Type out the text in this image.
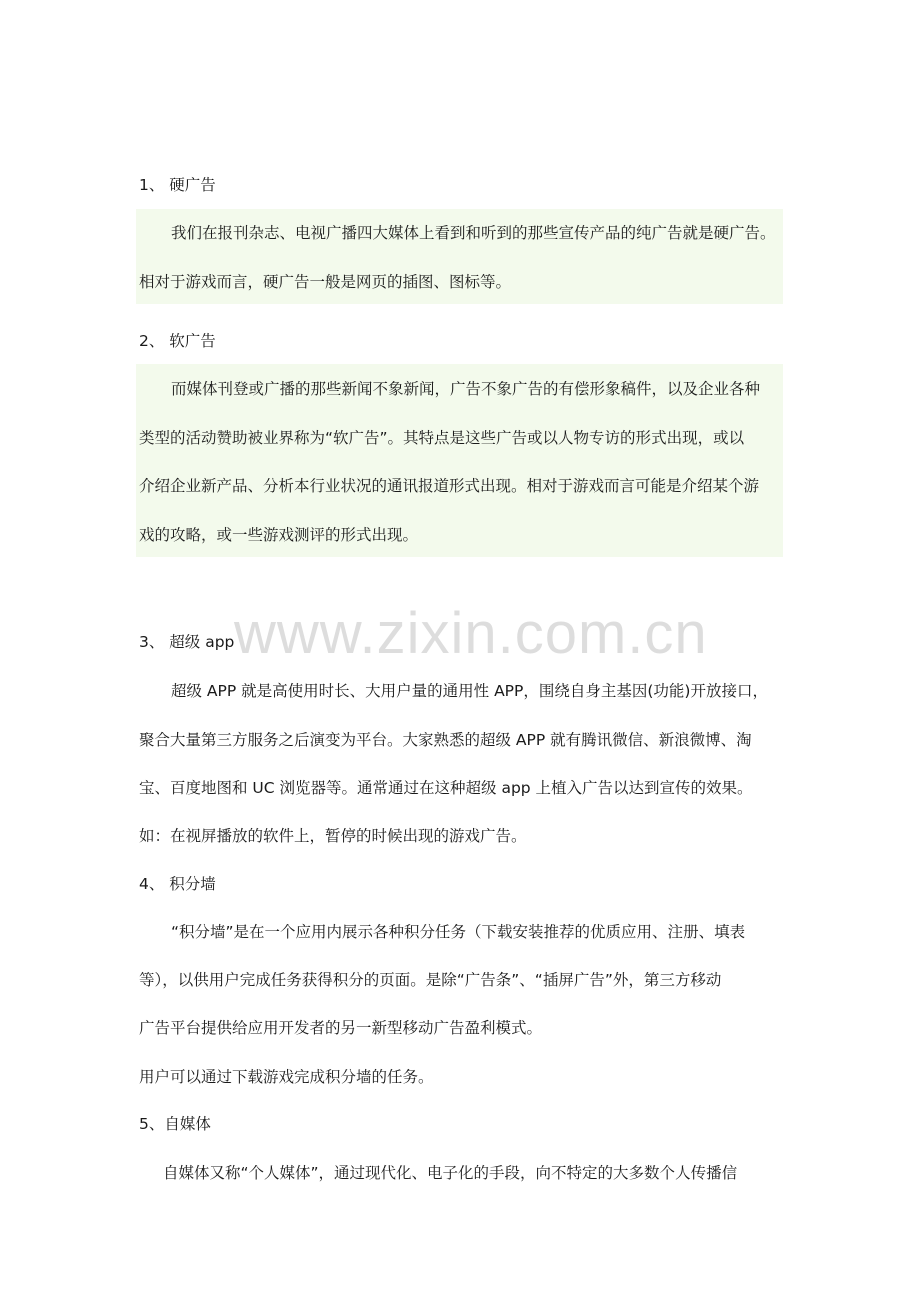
1、 硬广告
我们在报刊杂志、电视广播四大媒体上看到和听到的那些宣传产品的纯广告就是硬广告。
相对于游戏而言，硬广告一般是网页的插图、图标等。
2、 软广告
而媒体刊登或广播的那些新闻不象新闻，广告不象广告的有偿形象稿件，以及企业各种
类型的活动赞助被业界称为“软广告”。其特点是这些广告或以人物专访的形式出现，或以
介绍企业新产品、分析本行业状况的通讯报道形式出现。相对于游戏而言可能是介绍某个游
戏的攻略，或一些游戏测评的形式出现。
www.zixin.com.cn
3、 超级 app
超级 APP 就是高使用时长、大用户量的通用性 APP，围绕自身主基因(功能)开放接口，
聚合大量第三方服务之后演变为平台。大家熟悉的超级 APP 就有腾讯微信、新浪微博、淘
宝、百度地图和 UC 浏览器等。通常通过在这种超级 app 上植入广告以达到宣传的效果。
如：在视屏播放的软件上，暂停的时候出现的游戏广告。
4、 积分墙
“积分墙”是在一个应用内展示各种积分任务（下载安装推荐的优质应用、注册、填表
等），以供用户完成任务获得积分的页面。是除“广告条”、“插屏广告”外，第三方移动
广告平台提供给应用开发者的另一新型移动广告盈利模式。
用户可以通过下载游戏完成积分墙的任务。
5、自媒体
自媒体又称“个人媒体”，通过现代化、电子化的手段，向不特定的大多数个人传播信
